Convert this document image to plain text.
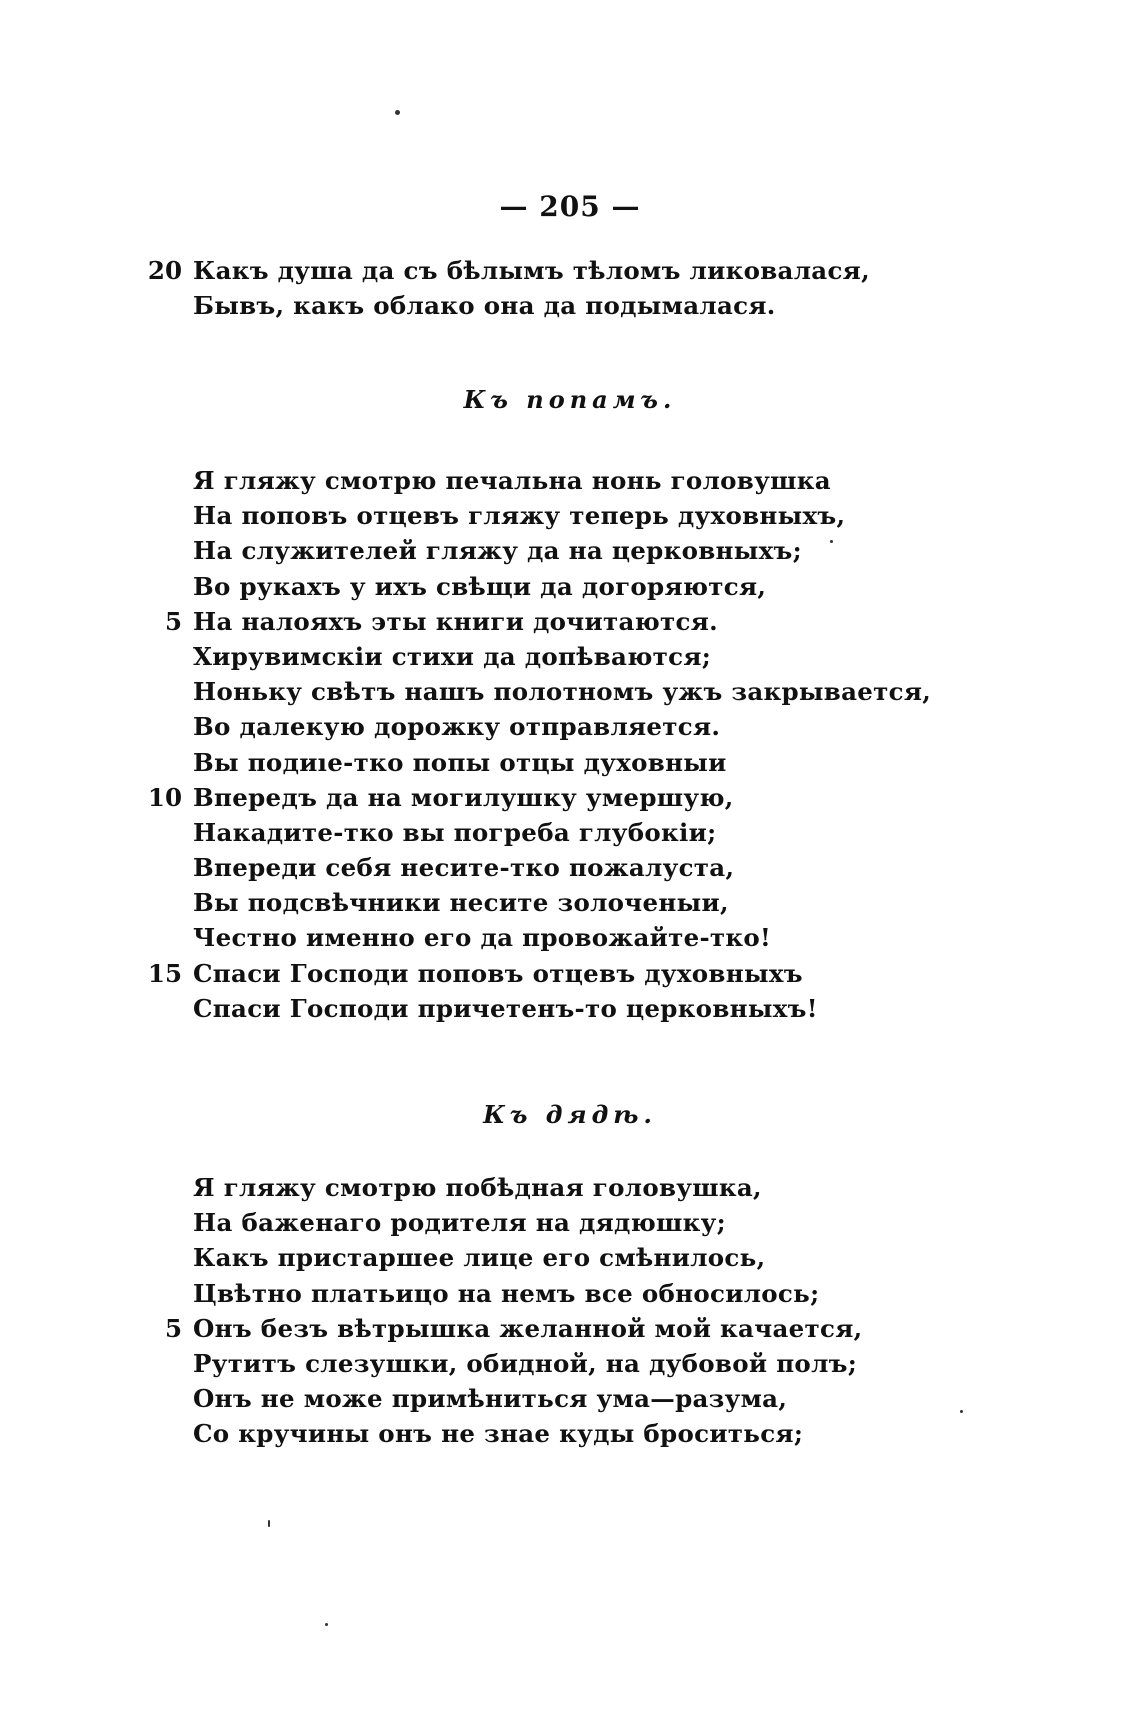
— 205 —
20 Какъ душа да съ бѣлымъ тѣломъ ликовалася,
Бывъ, какъ облако она да подымалася.
Къ попамъ.
Я гляжу смотрю печальна нонь головушка
На поповъ отцевъ гляжу теперь духовныхъ,
На служителей гляжу да на церковныхъ;
Во рукахъ у ихъ свѣщи да догоряются,
5 На налояхъ эты книги дочитаются.
Хирувимскiи стихи да допѣваются;
Ноньку свѣтъ нашъ полотномъ ужъ закрывается,
Во далекую дорожку отправляется.
Вы подиıе-тко попы отцы духовныи
10 Впередъ да на могилушку умершую,
Накадите-тко вы погреба глубокiи;
Впереди себя несите-тко пожалуста,
Вы подсвѣчники несите золоченыи,
Честно именно его да провожайте-тко!
15 Спаси Господи поповъ отцевъ духовныхъ
Спаси Господи причетенъ-то церковныхъ!
Къ дядѣ.
Я гляжу смотрю побѣдная головушка,
На баженаго родителя на дядюшку;
Какъ пристаршее лице его смѣнилось,
Цвѣтно платьицо на немъ все обносилось;
5 Онъ безъ вѣтрышка желанной мой качается,
Рутитъ слезушки, обидной, на дубовой полъ;
Онъ не може примѣниться ума—разума,
Со кручины онъ не знае куды броситься;
